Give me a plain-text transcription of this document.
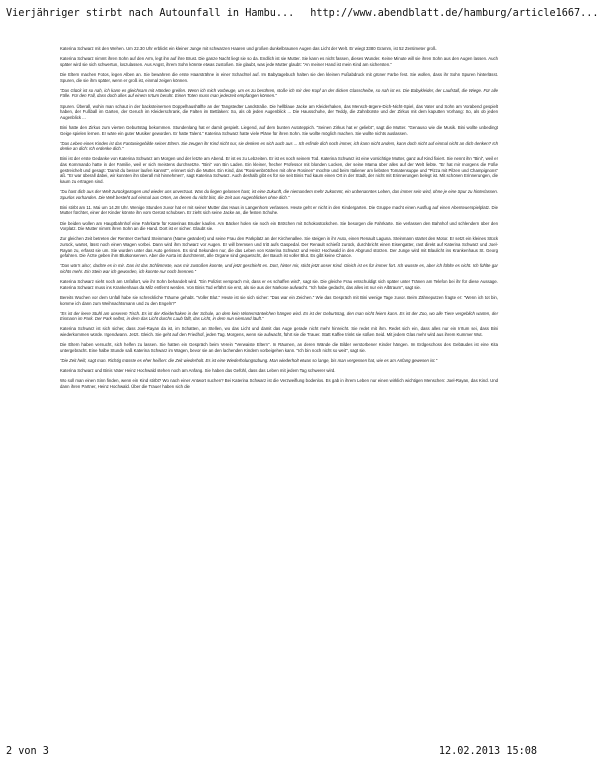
Vierjähriger stirbt nach Autounfall in Hambu... http://www.abendblatt.de/hamburg/article1667...

Katerina Schwarz mit den Wehen. Um 22.30 Uhr erblickt ein kleiner Junge mit schwarzen Haaren und großen dunkelbraunen Augen das Licht der Welt. Er wiegt 3380 Gramm, ist 52 Zentimeter groß.

Katerina Schwarz nimmt ihren Sohn auf den Arm, legt ihn auf ihre Brust. Die ganze Nacht liegt sie so da. Endlich ist sie Mutter. Sie kann es nicht fassen, dieses Wunder. Keine Minute will sie ihren Sohn aus den Augen lassen. Auch später wird sie sich schwertun, loszulassen. Aus Angst, ihrem Sohn könnte etwas zustoßen. Sie glaubt, was jede Mutter glaubt: "An meiner Hand ist mein Kind am sichersten."

Die Eltern machen Fotos, legen Alben an. Sie bewahren die erste Haarsträhne in einer Schachtel auf. Im Babytagebuch halten sie den kleinen Fußabdruck mit grüner Farbe fest. Sie wollen, dass ihr Sohn Spuren hinterlässt. Spuren, die sie ihm später, wenn er groß ist, einmal zeigen können.

"Das Glück ist so nah, ich kann es gleichsam mit Händen greifen. Wenn ich mich vorbeuge, um es zu berühren, stoße ich mir den Kopf an der dicken Glasscheibe, so nah ist es. Die Babykleider, der Laufstall, die Wiege. Für alle Fälle. Für den Fall, dass doch alles auf einem Irrtum beruht. Einen Toten muss man jederzeit empfangen können."

Spuren. Überall, wohin man schaut in der backsteinernen Doppelhaushälfte an der Tangstedter Landstraße. Die hellblaue Jacke am Kleiderhaken, das Mensch-ärgere-Dich-Nicht-Spiel, das Vater und Sohn am Vorabend gespielt haben, der Fußball im Garten, der Geruch im Kleiderschrank, die Falten im Bettlaken: So, als ob jeden Augenblick ... Die Hausschuhe, der Teddy, die Zahnbürste und der Zirkus mit dem kaputten Vorhang: So, als ob jeden Augenblick ...

Bini hatte den Zirkus zum vierten Geburtstag bekommen. Stundenlang hat er damit gespielt. Liegend, auf dem bunten Autoteppich. "Seinen Zirkus hat er geliebt", sagt die Mutter. "Genauso wie die Musik. Bini wollte unbedingt Geige spielen lernen. Er wäre ein guter Musiker geworden. Er hatte Talent." Katerina Schwarz hatte viele Pläne für ihren Sohn. Sie wollte möglich machen. Sie wollte nichts auslassen.

"Das Leben eines Kindes ist das Fantasiegebilde seiner Eltern. Sie zeugen ihr Kind nicht nur, sie denken es sich auch aus ... Ich erfinde dich noch immer, ich kann nicht anders, kann doch nicht auf einmal nicht an dich denken? Ich denke an dich: Ich erdenke dich."

Bini ist der erste Gedanke von Katerina Schwarz am Morgen und der letzte am Abend. Er ist es zu Lebzeiten. Er ist es noch seinem Tod. Katerina Schwarz ist eine vorsichtige Mutter, ganz auf Kind fixiert. Sie nennt ihn "Bini", weil er das Kommando hatte in der Familie, weil er sich meistens durchsetzte. "Bini" von Bin Laden. Ein kleiner, frecher Professor mit blonden Locken, der seine Mama über alles auf der Welt liebte. "Er hat mir morgens die Füße gestreichelt und gesagt: 'Damit du besser laufen kannst'", erinnert sich die Mutter. Ein Kind, das "Rosinenbrötchen mit ohne Rosinen" mochte und beim Italiener am liebsten Tomatensuppe und "Pizza mit Pilzen und Champignons" aß. "Er war überall dabei, wir konnten ihn überall mit hinnehmen", sagt Katerina Schwarz. Auch deshalb gibt es für sie seit Binis Tod kaum einen Ort in der Stadt, der nicht mit Erinnerungen belegt ist. Mit schönen Erinnerungen, die kaum zu ertragen sind.

"Du hast dich aus der Welt zurückgezogen und wieder uns unvertraut. Was du liegen gelassen hast, ist eine Zukunft, die niemandem mehr zukommt, ein unbenanntes Leben, das immer sein wird, ohne je eine Spur zu hinterlassen. Spurlos vorhanden. Die Welt besteht auf einmal aus Orten, an denen du nicht bist, die Zeit aus Augenblicken ohne dich."

Bini stirbt am 11. Mai um 14.28 Uhr. Wenige Stunden zuvor hat er mit seiner Mutter das Haus in Langenhorn verlassen. Heute geht er nicht in den Kindergarten. Die Gruppe macht einen Ausflug auf einen Abenteuerspielplatz. Die Mutter fürchtet, einer der Kinder könnte ihn vom Gerüst schubsen. Er zieht sich seine Jacke an, die festen Schuhe.

Die beiden wollen am Hauptbahnhof eine Fahrkarte für Katerinas Bruder kaufen. Am Bäcker holen sie noch ein Brötchen mit Schokostückchen. Sie besorgen die Fahrkarte. Sie verlassen den Bahnhof und schlendern über den Vorplatz. Die Mutter nimmt ihren Sohn an die Hand. Dort ist er sicher. Glaubt sie.

Zur gleichen Zeit betreten der Rentner Gerhard Steinmann (Name geändert) und seine Frau den Parkplatz an der Kirchenallee. Sie steigen in ihr Auto, einen Renault Laguna. Steinmann startet den Motor. Er setzt ein kleines Stück zurück, wartet, lässt noch einen Wagen vorbei. Dann wird ihm Schwarz vor Augen. Er will bremsen und tritt aufs Gaspedal. Der Renault schießt zurück, durchbricht einen Eisengatter, rast direkt auf Katerina Schwarz und Joel-Rayan zu, erfasst sie um. Sie wurden unter das Auto gerissen. Es sind Sekunden nur, die das Leben von Katerina Schwarz und Heinz Hochwald in den Abgrund stürzen. Der Junge wird mit Blaulicht ins Krankenhaus St. Georg gefahren. Die Ärzte geben ihm Blutkonserven. Aber die Aorta ist durchtrennt, alle Organe sind gequetscht, der Bauch ist voller Blut. Es gibt keine Chance.

"Das wär's also', dachte es in mir. Das ist das Schlimmste, was mir zustoßen konnte, und jetzt geschieht es. Dort, hinter mir, stirbt jetzt unser Kind. Gleich ist es für immer fort. Ich wusste es, aber ich fühlte es nicht. Ich fühlte gar nichts mehr. Ein Stein war ich geworden, ich konnte nur noch brennen."

Katerina Schwarz sieht noch am Unfallort, wie ihr Sohn behandelt wird. "Ein Polizist versprach mir, dass er es schaffen wird", sagt sie. Die gleiche Frau entschuldigt sich später unter Tränen am Telefon bei ihr für diese Aussage. Katerina Schwarz muss ins Krankenhaus da Milz entfernt werden. Von Binis Tod erfährt sie erst, als sie aus der Narkose aufwacht. "Ich habe gedacht, das alles ist nur ein Albtraum", sagt sie.

Bereits Wochen vor dem Unfall habe sie schreckliche Träume gehabt. "Voller Blut." Heute ist sie sich sicher: "Das war ein Zeichen." Wie das Gespräch mit Bini wenige Tage zuvor. Beim Zähneputzen fragte er: "Wenn ich tot bin, komme ich dann zum Weihnachtsmann und zu den Engeln?"

"Es ist der leere Stuhl am unserem Tisch. Es ist der Kleiderhaken in der Schule, an dem kein Wintermäntelchen hängen wird. Es ist der Geburtstag, den man nicht feiern kann. Es ist der Zoo, wo alle Tiere vergeblich warten, der Eismann im Park. Der Park selbst, in dem das Licht durchs Laub fällt, das Licht, in dem nun niemand läuft."

Katerina Schwarz ist sich sicher, dass Joel-Rayan da ist, im Schatten, an Stellen, wo das Licht und damit das Auge gerade nicht mehr hinreicht. Sie redet mit ihm. Redet sich ein, dass alles nur ein Irrtum sei, dass Bini wiederkommen würde. Irgendwann. Jetzt. Gleich. Sie geht auf den Friedhof, jeden Tag. Morgens, wenn sie aufwacht, führt sie die Trauer. Statt Kaffee trinkt sie süßen Seid. Mit jedem Glas mehr wird aus ihrem Kummer Wut.

Die Eltern haben versucht, sich helfen zu lassen. Sie hatten ein Gespräch beim Verein "Verwaiste Eltern". In Räumen, an deren Wände die Bilder verstorbener Kinder hängen. Im Erdgeschoss des Gebäudes ist eine Kita untergebracht. Eine halbe Stunde saß Katerina Schwarz im Wagen, bevor sie an den lachenden Kindern vorbeigehen kann. "Ich bin noch nicht so weit", sagt sie.

"Die Zeit heilt, sagt man. Richtig müsste es eher heißen: die Zeit wiederholt. Es ist eine Wiederholungsübung. Man wiederholt etwas so lange, bis man vergessen hat, wie es am Anfang gewesen ist."

Katerina Schwarz und Binis Vater Heinz Hochwald stehen noch am Anfang. Sie haben das Gefühl, dass das Leben mit jedem Tag schwerer wird.

Wo soll man einen Sinn finden, wenn ein Kind stirbt? Wo nach einer Antwort suchen? Bei Katerina Schwarz ist die Verzweiflung bodenlos. Es gab in ihrem Leben nur einen wirklich wichtigen Menschen: Joel-Rayan, das Kind. Und dann ihren Partner, Heinz Hochwald. Über die Trauer haben sich die

2 von 3	12.02.2013 15:08
